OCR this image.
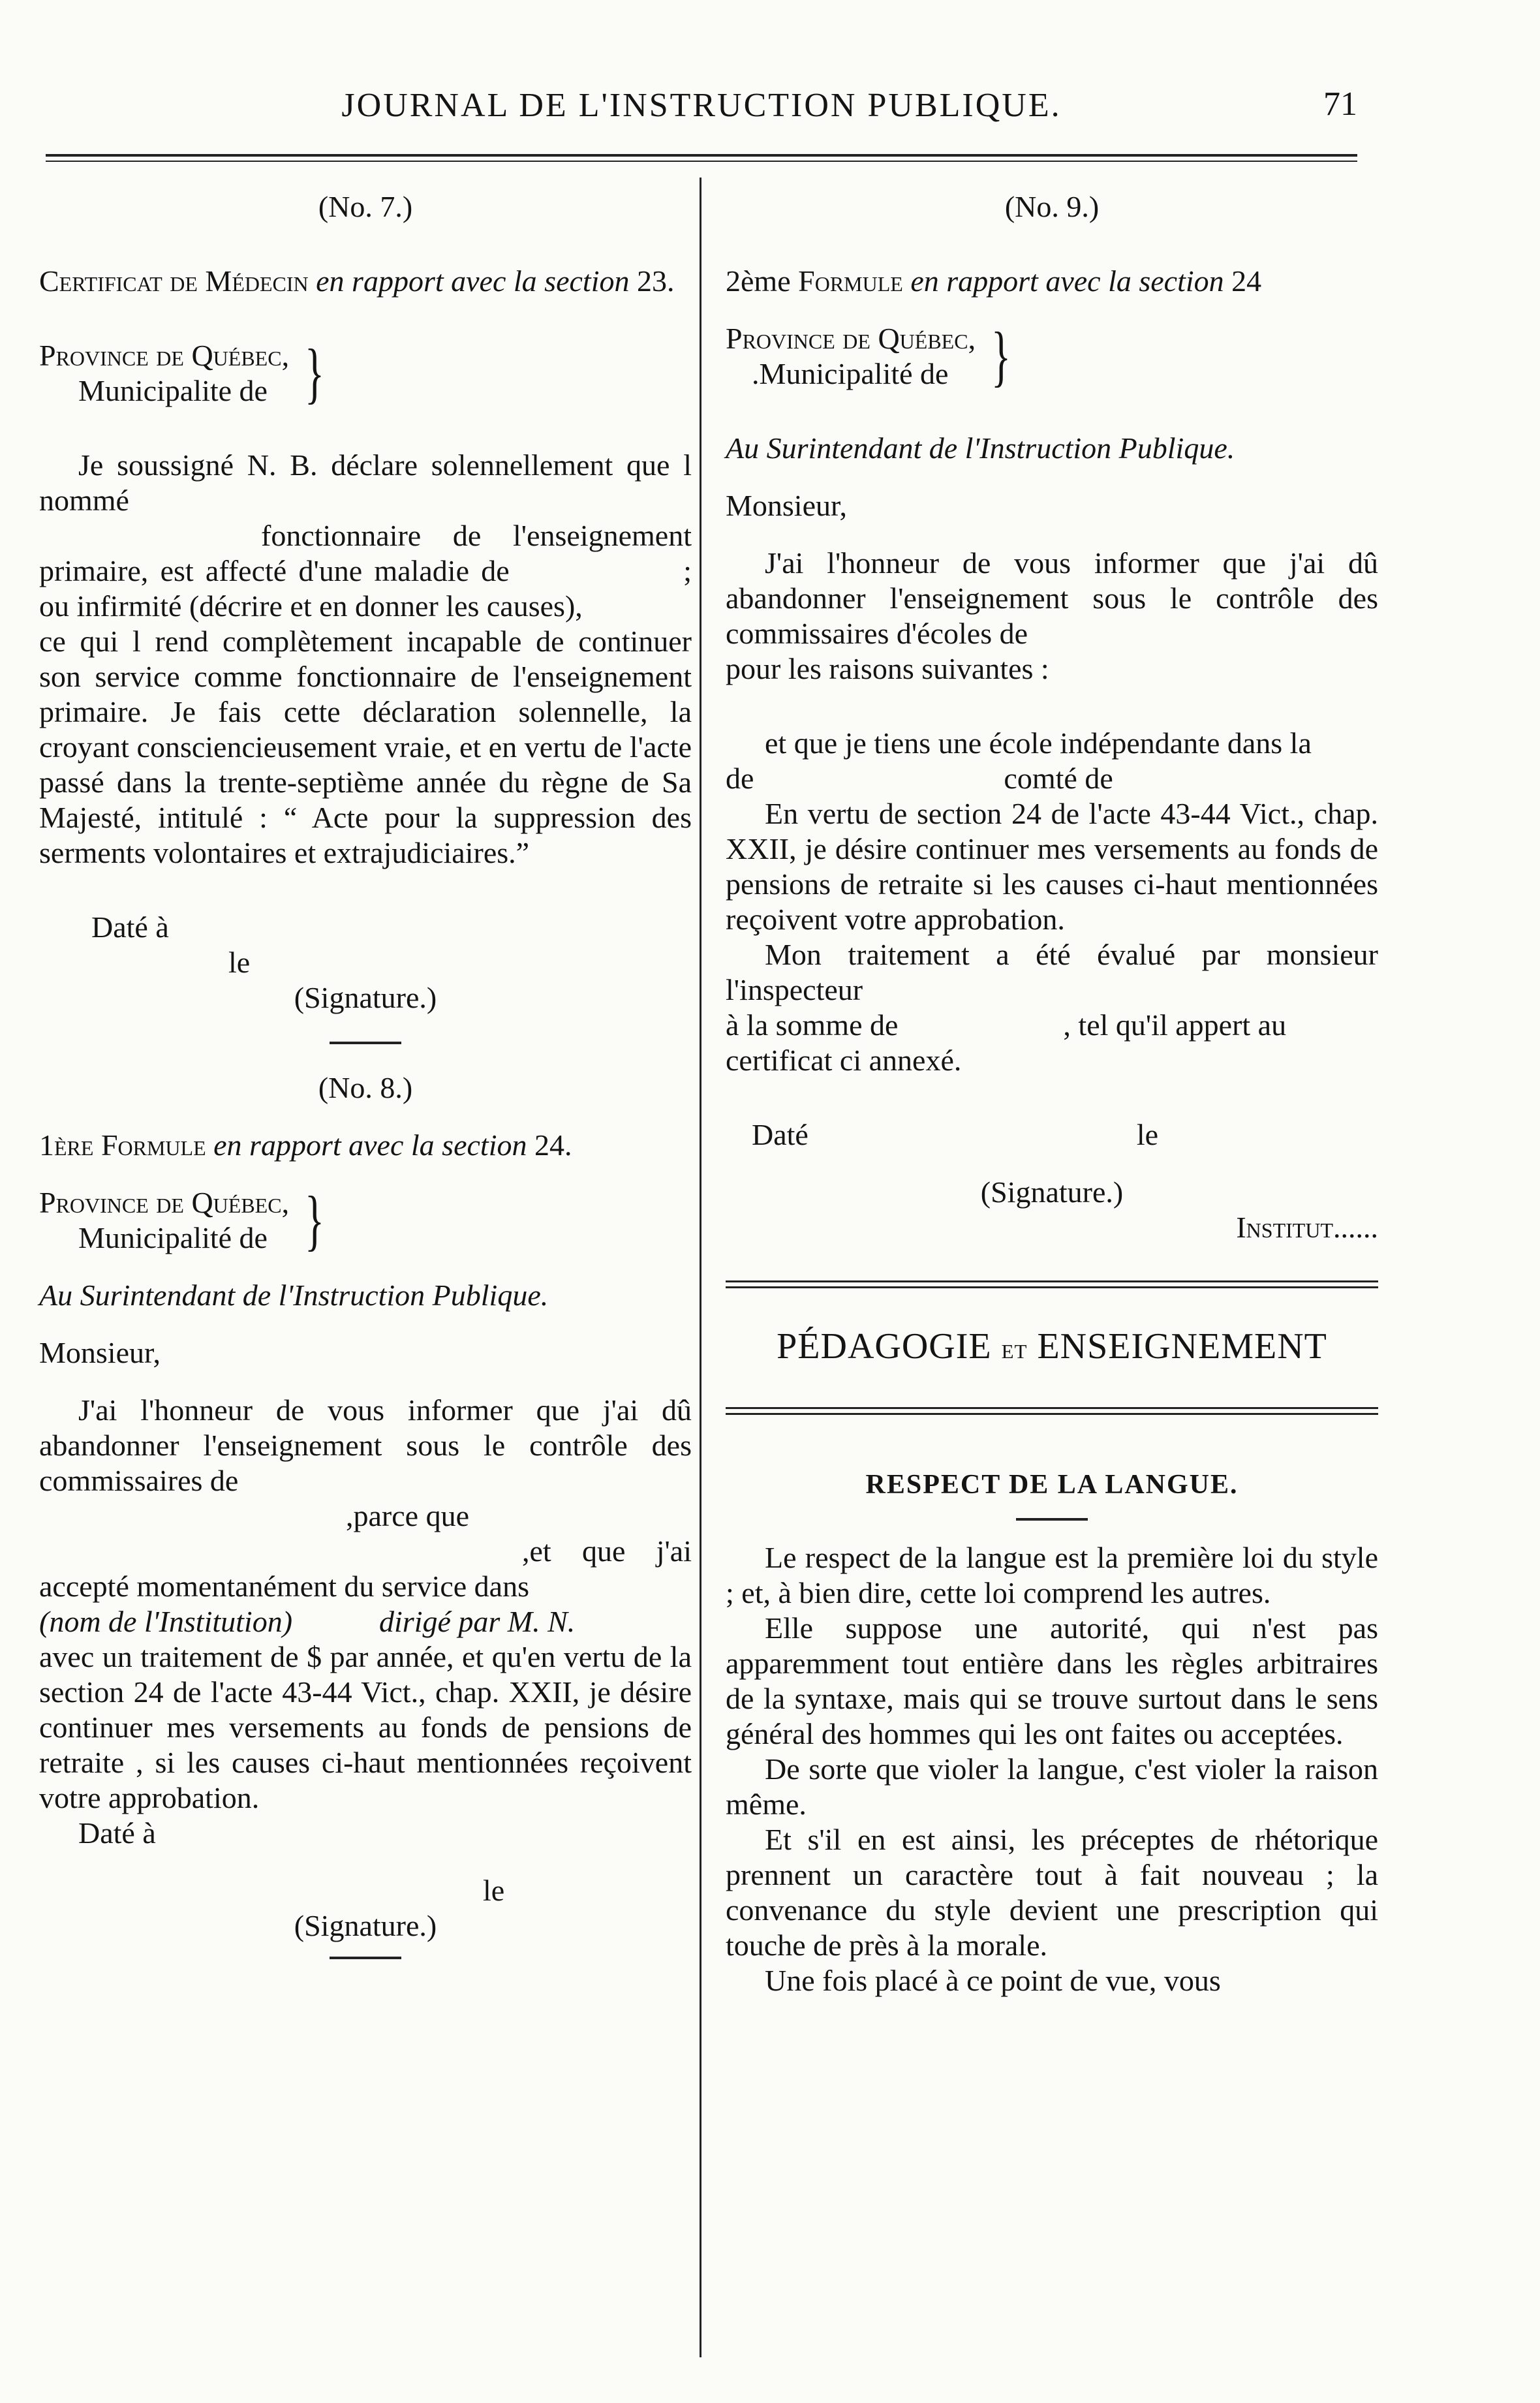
JOURNAL DE L'INSTRUCTION PUBLIQUE.	71
(No. 7.)
Certificat de Médecin en rapport avec la section 23.
Province de Québec,
Municipalite de }
Je soussigné N. B. déclare solennellement que l nommé
fonctionnaire de l'enseignement primaire, est affecté d'une maladie de	; ou infirmité (décrire et en donner les causes),
ce qui l rend complètement incapable de continuer son service comme fonctionnaire de l'enseignement primaire. Je fais cette déclaration solennelle, la croyant consciencieusement vraie, et en vertu de l'acte passé dans la trente-septième année du règne de Sa Majesté, intitulé : “ Acte pour la suppression des serments volontaires et extrajudiciaires.”
Daté à
le
(Signature.)
(No. 8.)
1ère Formule en rapport avec la section 24.
Province de Québec,
Municipalité de }
Au Surintendant de l'Instruction Publique.
Monsieur,
J'ai l'honneur de vous informer que j'ai dû abandonner l'enseignement sous le contrôle des commissaires de
,parce que
,et que j'ai accepté momentanément du service dans
(nom de l'Institution)	dirigé par M. N.
avec un traitement de $ par année, et qu'en vertu de la section 24 de l'acte 43-44 Vict., chap. XXII, je désire continuer mes versements au fonds de pensions de retraite , si les causes ci-haut mentionnées reçoivent votre approbation.
Daté à
le
(Signature.)
(No. 9.)
2ème Formule en rapport avec la section 24
Province de Québec,
.Municipalité de }
Au Surintendant de l'Instruction Publique.
Monsieur,
J'ai l'honneur de vous informer que j'ai dû abandonner l'enseignement sous le contrôle des commissaires d'écoles de
pour les raisons suivantes :
et que je tiens une école indépendante dans la
de	comté de
En vertu de section 24 de l'acte 43-44 Vict., chap. XXII, je désire continuer mes versements au fonds de pensions de retraite si les causes ci-haut mentionnées reçoivent votre approbation.
Mon traitement a été évalué par monsieur l'inspecteur
à la somme de	, tel qu'il appert au certificat ci annexé.
Daté	le
(Signature.)
Institut......
PÉDAGOGIE et ENSEIGNEMENT
RESPECT DE LA LANGUE.
Le respect de la langue est la première loi du style ; et, à bien dire, cette loi comprend les autres.
Elle suppose une autorité, qui n'est pas apparemment tout entière dans les règles arbitraires de la syntaxe, mais qui se trouve surtout dans le sens général des hommes qui les ont faites ou acceptées.
De sorte que violer la langue, c'est violer la raison même.
Et s'il en est ainsi, les préceptes de rhétorique prennent un caractère tout à fait nouveau ; la convenance du style devient une prescription qui touche de près à la morale.
Une fois placé à ce point de vue, vous
